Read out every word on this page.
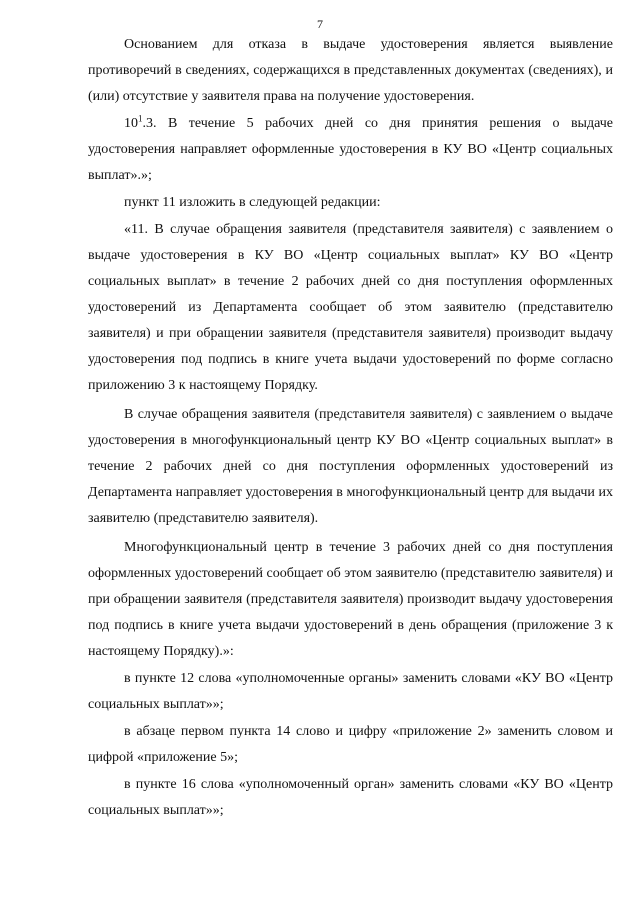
7

Основанием для отказа в выдаче удостоверения является выявление противоречий в сведениях, содержащихся в представленных документах (сведениях), и (или) отсутствие у заявителя права на получение удостоверения.

$10^1.3$. В течение 5 рабочих дней со дня принятия решения о выдаче удостоверения направляет оформленные удостоверения в КУ ВО «Центр социальных выплат».»;

пункт 11 изложить в следующей редакции:

«11. В случае обращения заявителя (представителя заявителя) с заявлением о выдаче удостоверения в КУ ВО «Центр социальных выплат» КУ ВО «Центр социальных выплат» в течение 2 рабочих дней со дня поступления оформленных удостоверений из Департамента сообщает об этом заявителю (представителю заявителя) и при обращении заявителя (представителя заявителя) производит выдачу удостоверения под подпись в книге учета выдачи удостоверений по форме согласно приложению 3 к настоящему Порядку.

В случае обращения заявителя (представителя заявителя) с заявлением о выдаче удостоверения в многофункциональный центр КУ ВО «Центр социальных выплат» в течение 2 рабочих дней со дня поступления оформленных удостоверений из Департамента направляет удостоверения в многофункциональный центр для выдачи их заявителю (представителю заявителя).

Многофункциональный центр в течение 3 рабочих дней со дня поступления оформленных удостоверений сообщает об этом заявителю (представителю заявителя) и при обращении заявителя (представителя заявителя) производит выдачу удостоверения под подпись в книге учета выдачи удостоверений в день обращения (приложение 3 к настоящему Порядку).»:

в пункте 12 слова «уполномоченные органы» заменить словами «КУ ВО «Центр социальных выплат»»;

в абзаце первом пункта 14 слово и цифру «приложение 2» заменить словом и цифрой «приложение 5»;

в пункте 16 слова «уполномоченный орган» заменить словами «КУ ВО «Центр социальных выплат»»;
